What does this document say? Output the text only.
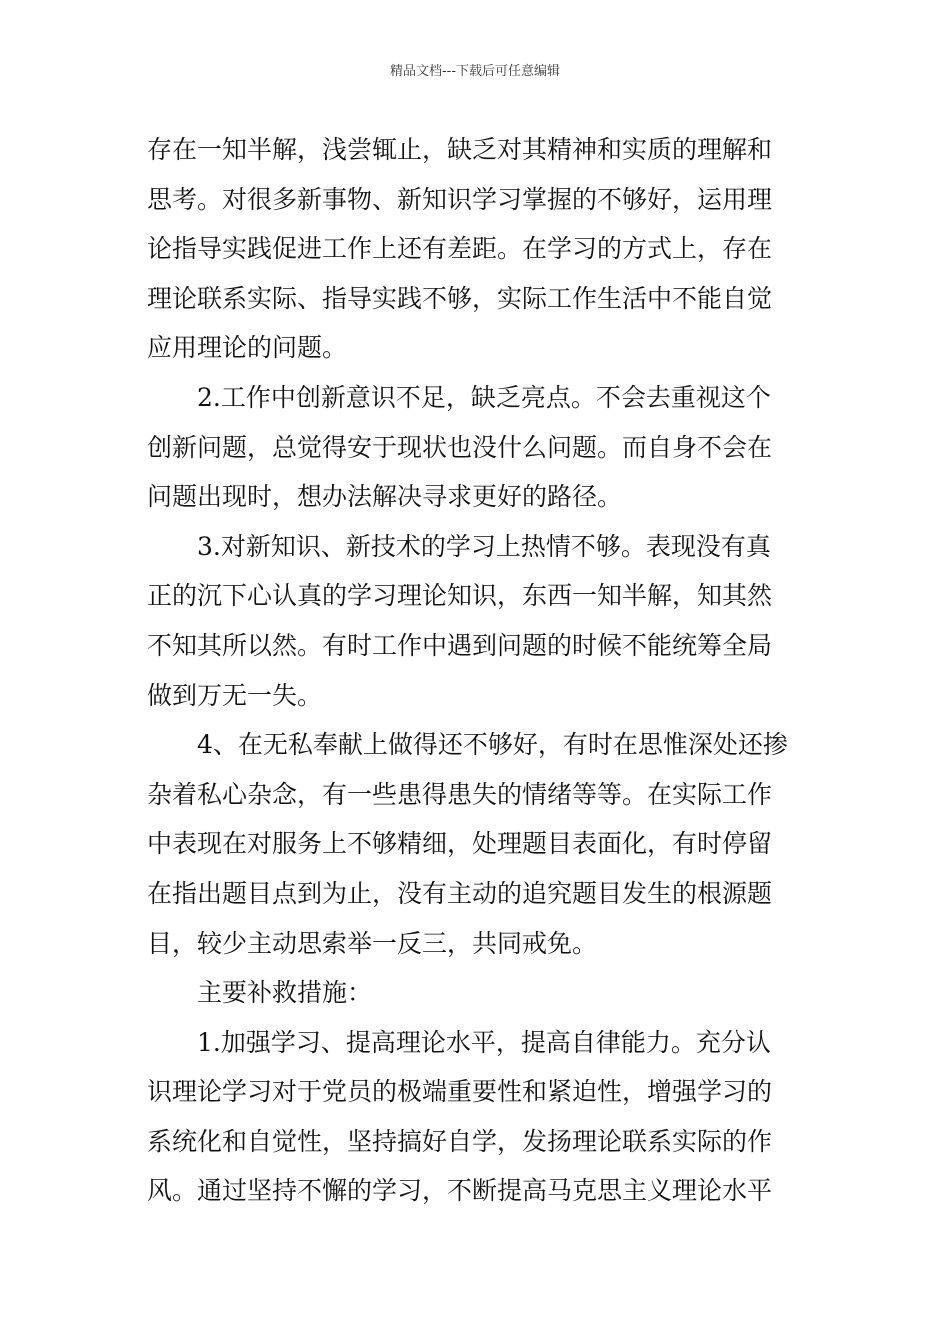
精品文档---下载后可任意编辑
存在一知半解，浅尝辄止，缺乏对其精神和实质的理解和
思考。对很多新事物、新知识学习掌握的不够好，运用理
论指导实践促进工作上还有差距。在学习的方式上，存在
理论联系实际、指导实践不够，实际工作生活中不能自觉
应用理论的问题。
2.工作中创新意识不足，缺乏亮点。不会去重视这个
创新问题，总觉得安于现状也没什么问题。而自身不会在
问题出现时，想办法解决寻求更好的路径。
3.对新知识、新技术的学习上热情不够。表现没有真
正的沉下心认真的学习理论知识，东西一知半解，知其然
不知其所以然。有时工作中遇到问题的时候不能统筹全局
做到万无一失。
4、在无私奉献上做得还不够好，有时在思惟深处还掺
杂着私心杂念，有一些患得患失的情绪等等。在实际工作
中表现在对服务上不够精细，处理题目表面化，有时停留
在指出题目点到为止，没有主动的追究题目发生的根源题
目，较少主动思索举一反三，共同戒免。
主要补救措施：
1.加强学习、提高理论水平，提高自律能力。充分认
识理论学习对于党员的极端重要性和紧迫性，增强学习的
系统化和自觉性，坚持搞好自学，发扬理论联系实际的作
风。通过坚持不懈的学习，不断提高马克思主义理论水平
